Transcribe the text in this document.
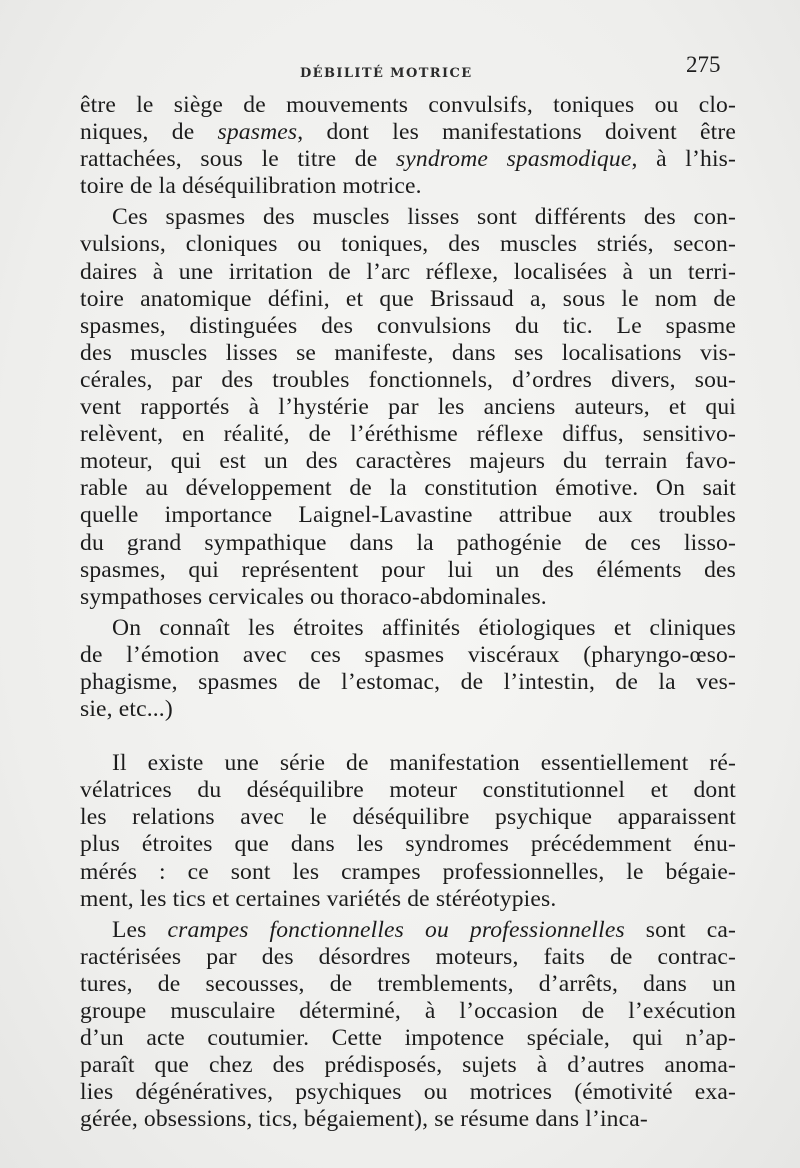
DÉBILITÉ MOTRICE	275
être le siège de mouvements convulsifs, toniques ou clo-
niques, de spasmes, dont les manifestations doivent être
rattachées, sous le titre de syndrome spasmodique, à l’his-
toire de la déséquilibration motrice.
Ces spasmes des muscles lisses sont différents des con-
vulsions, cloniques ou toniques, des muscles striés, secon-
daires à une irritation de l’arc réflexe, localisées à un terri-
toire anatomique défini, et que Brissaud a, sous le nom de
spasmes, distinguées des convulsions du tic. Le spasme
des muscles lisses se manifeste, dans ses localisations vis-
cérales, par des troubles fonctionnels, d’ordres divers, sou-
vent rapportés à l’hystérie par les anciens auteurs, et qui
relèvent, en réalité, de l’éréthisme réflexe diffus, sensitivo-
moteur, qui est un des caractères majeurs du terrain favo-
rable au développement de la constitution émotive. On sait
quelle importance Laignel-Lavastine attribue aux troubles
du grand sympathique dans la pathogénie de ces lisso-
spasmes, qui représentent pour lui un des éléments des
sympathoses cervicales ou thoraco-abdominales.
On connaît les étroites affinités étiologiques et cliniques
de l’émotion avec ces spasmes viscéraux (pharyngo-œso-
phagisme, spasmes de l’estomac, de l’intestin, de la ves-
sie, etc...)
Il existe une série de manifestation essentiellement ré-
vélatrices du déséquilibre moteur constitutionnel et dont
les relations avec le déséquilibre psychique apparaissent
plus étroites que dans les syndromes précédemment énu-
mérés : ce sont les crampes professionnelles, le bégaie-
ment, les tics et certaines variétés de stéréotypies.
Les crampes fonctionnelles ou professionnelles sont ca-
ractérisées par des désordres moteurs, faits de contrac-
tures, de secousses, de tremblements, d’arrêts, dans un
groupe musculaire déterminé, à l’occasion de l’exécution
d’un acte coutumier. Cette impotence spéciale, qui n’ap-
paraît que chez des prédisposés, sujets à d’autres anoma-
lies dégénératives, psychiques ou motrices (émotivité exa-
gérée, obsessions, tics, bégaiement), se résume dans l’inca-
